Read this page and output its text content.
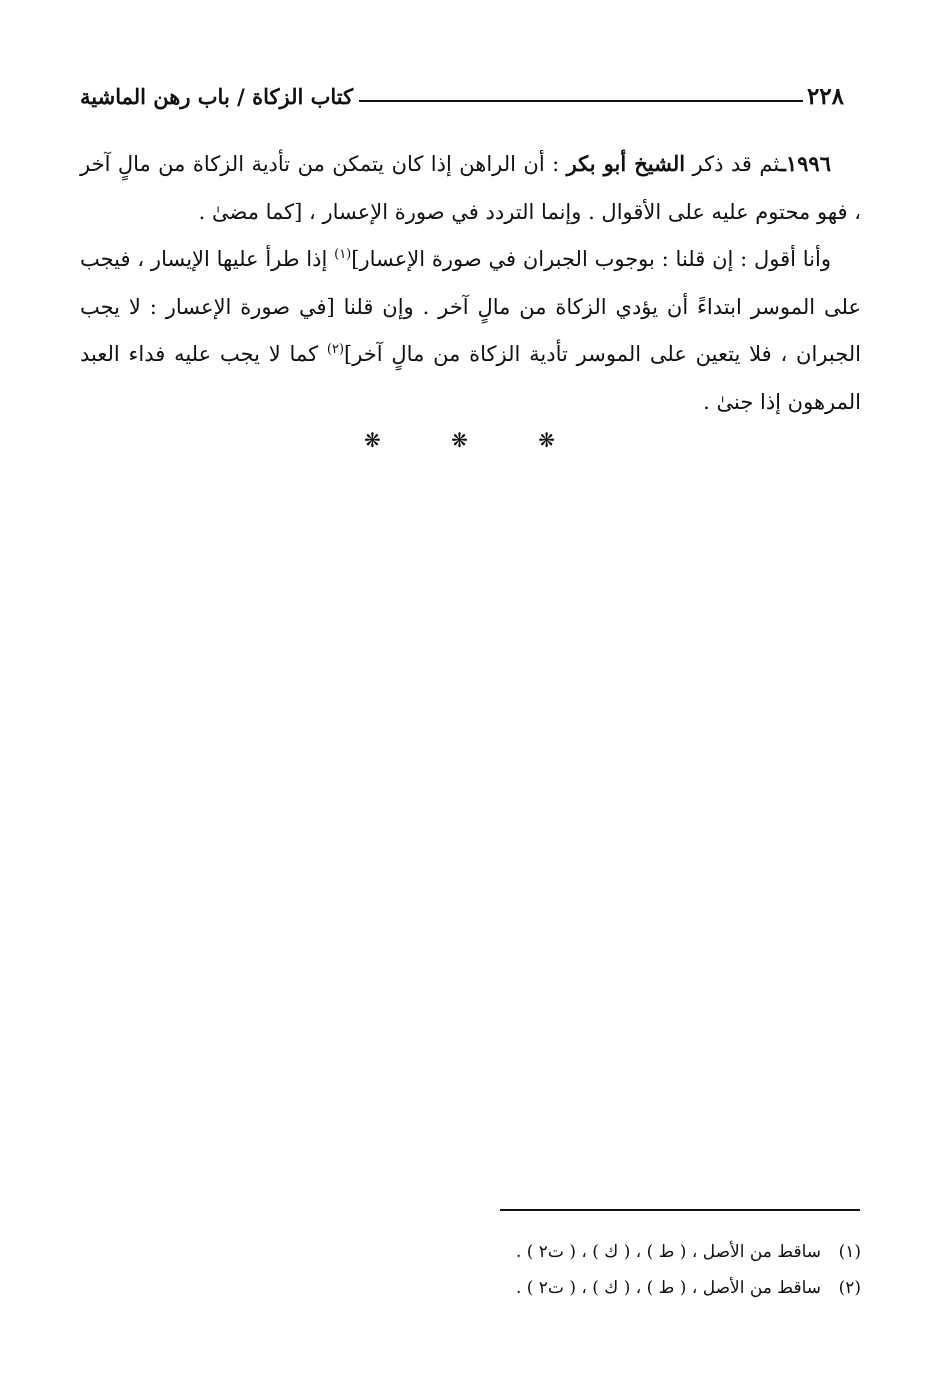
٢٢٨
كتاب الزكاة / باب رهن الماشية

١٩٩٦ـثم قد ذكر الشيخ أبو بكر : أن الراهن إذا كان يتمكن من تأدية الزكاة من مالٍ آخر ، فهو محتوم عليه على الأقوال . وإنما التردد في صورة الإعسار ، [كما مضىٰ .

وأنا أقول : إن قلنا : بوجوب الجبران في صورة الإعسار]$^{(١)}$ إذا طرأ عليها الإيسار ، فيجب على الموسر ابتداءً أن يؤدي الزكاة من مالٍ آخر . وإن قلنا [في صورة الإعسار : لا يجب الجبران ، فلا يتعين على الموسر تأدية الزكاة من مالٍ آخر]$^{(٢)}$ كما لا يجب عليه فداء العبد المرهون إذا جنىٰ .

❋ ❋ ❋
(١)
ساقط من الأصل ، ( ط ) ، ( ك ) ، ( ت٢ ) .
(٢)
ساقط من الأصل ، ( ط ) ، ( ك ) ، ( ت٢ ) .
